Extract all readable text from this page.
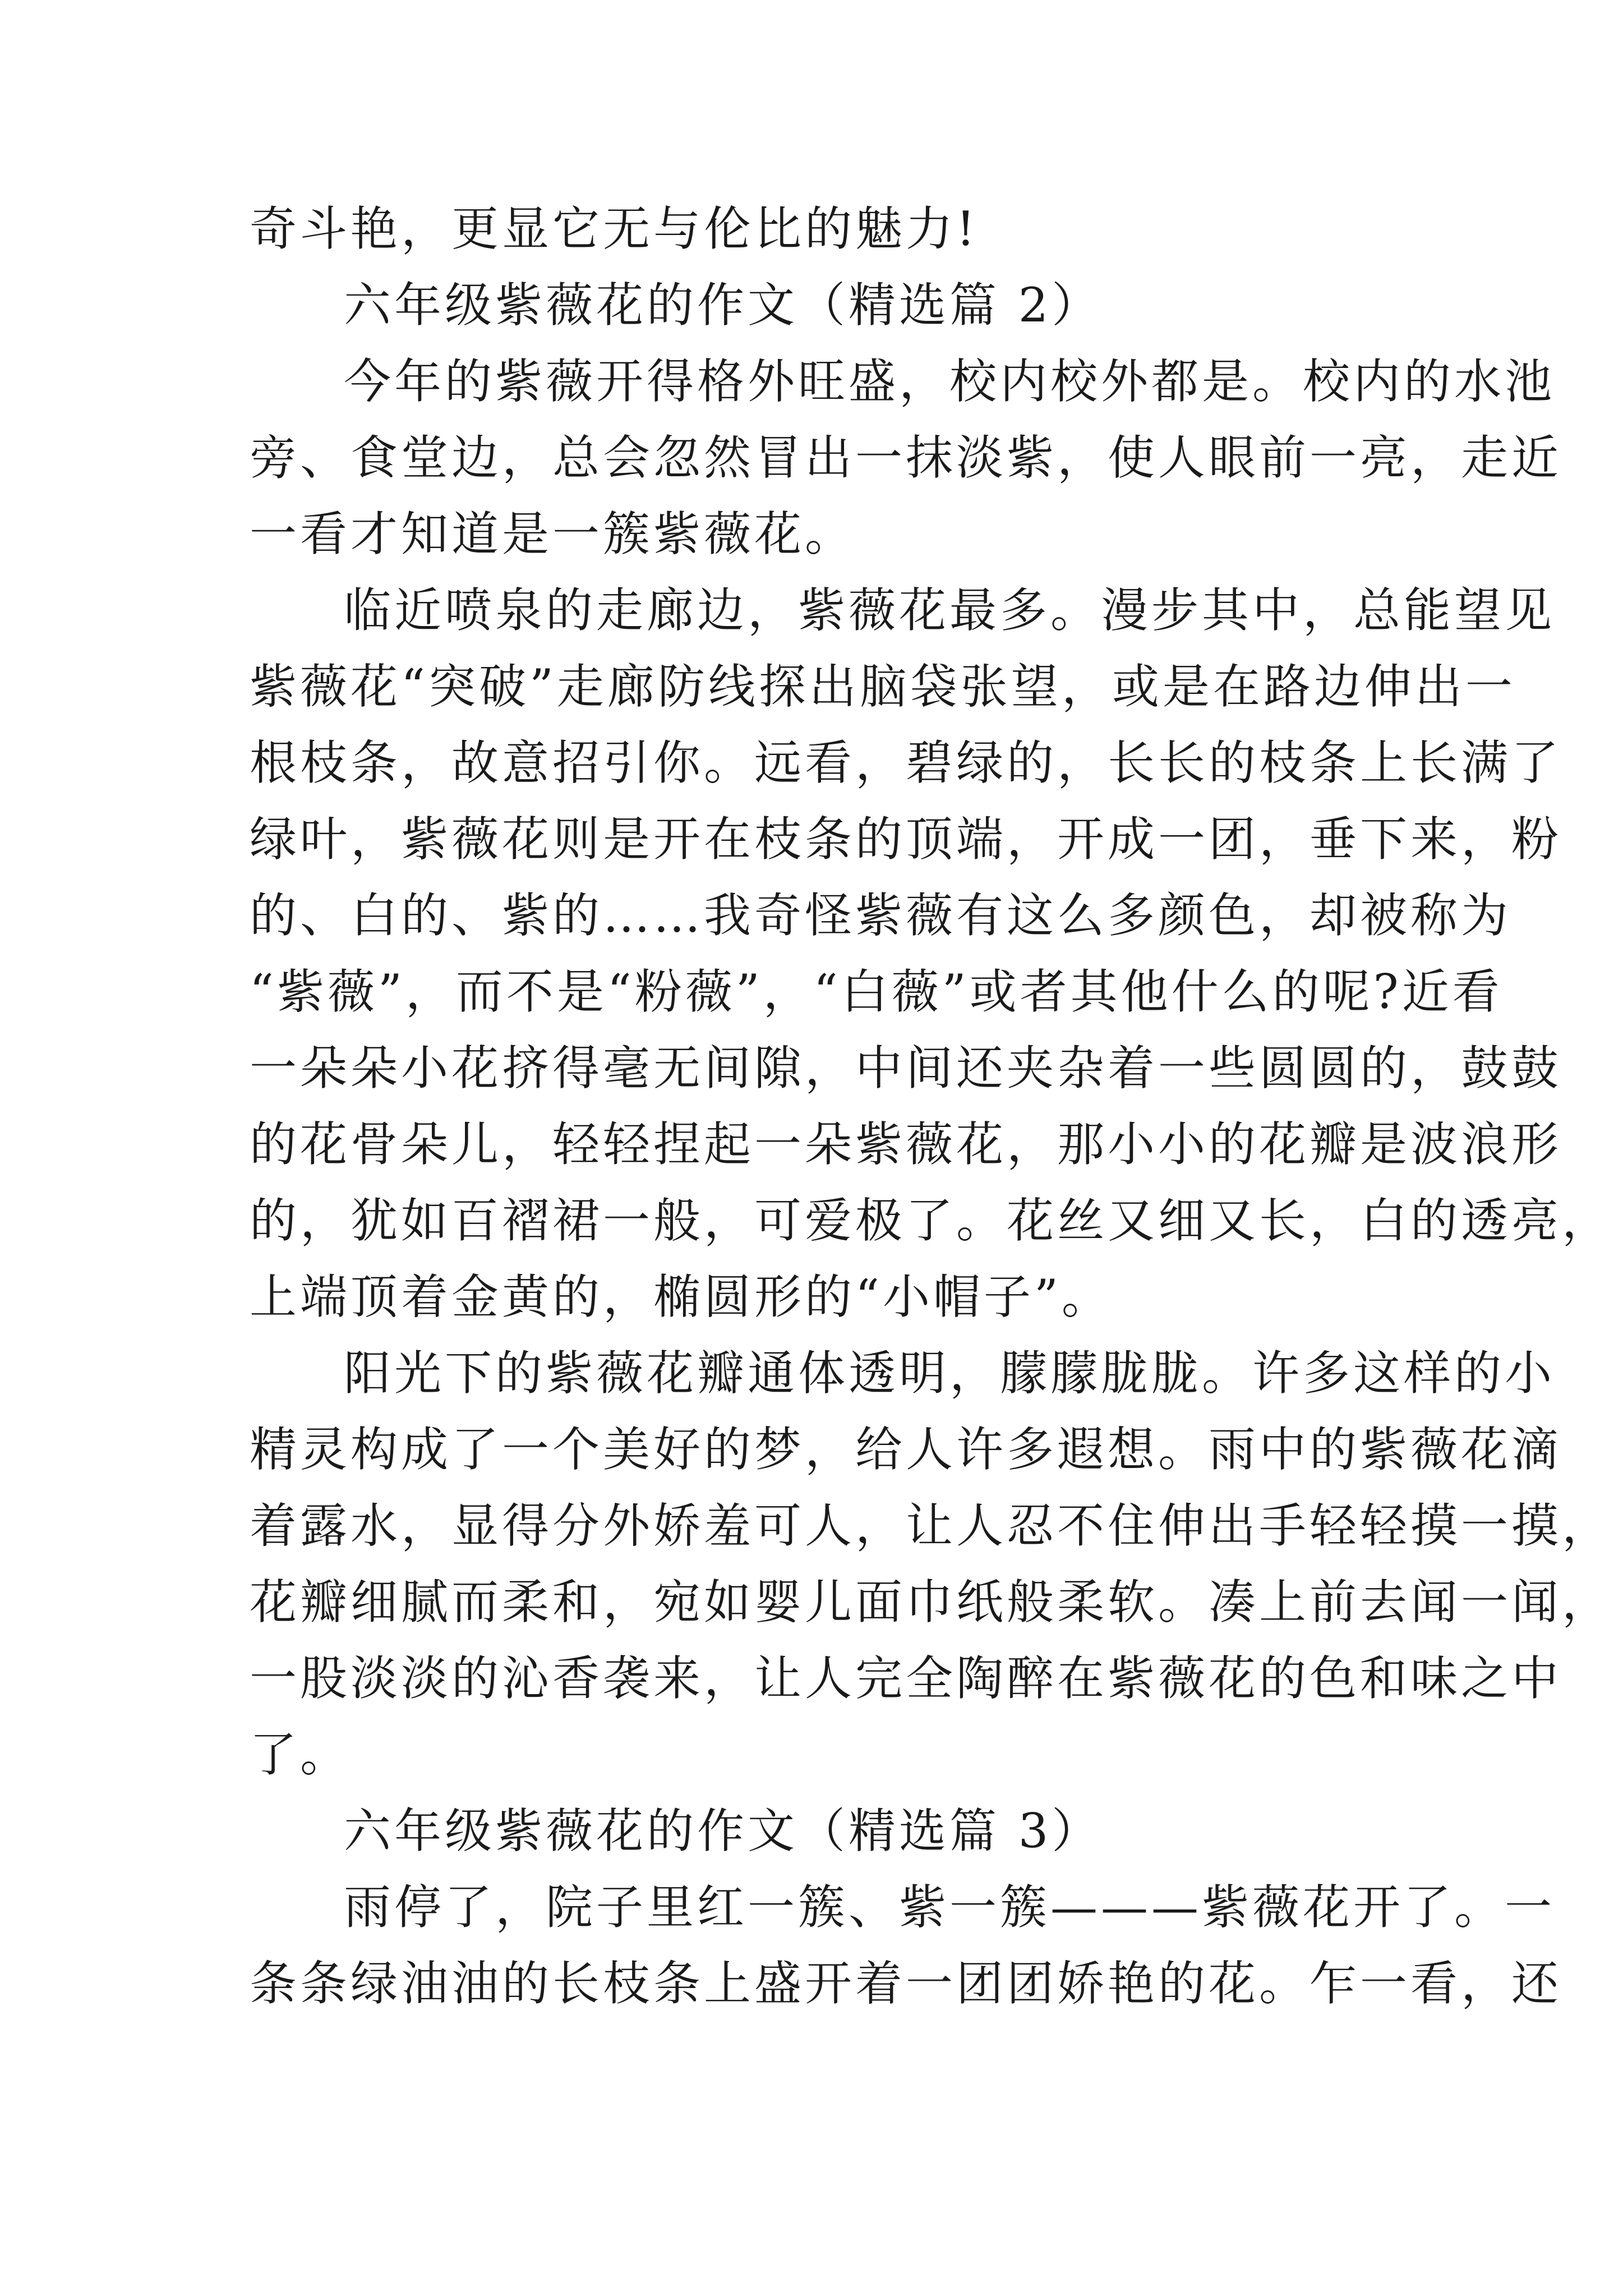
奇斗艳，更显它无与伦比的魅力!
六年级紫薇花的作文（精选篇 2）
今年的紫薇开得格外旺盛，校内校外都是。校内的水池
旁、食堂边，总会忽然冒出一抹淡紫，使人眼前一亮，走近
一看才知道是一簇紫薇花。
临近喷泉的走廊边，紫薇花最多。漫步其中，总能望见
紫薇花“突破”走廊防线探出脑袋张望，或是在路边伸出一
根枝条，故意招引你。远看，碧绿的，长长的枝条上长满了
绿叶，紫薇花则是开在枝条的顶端，开成一团，垂下来，粉
的、白的、紫的……我奇怪紫薇有这么多颜色，却被称为
“紫薇”，而不是“粉薇”，“白薇”或者其他什么的呢?近看
一朵朵小花挤得毫无间隙，中间还夹杂着一些圆圆的，鼓鼓
的花骨朵儿，轻轻捏起一朵紫薇花，那小小的花瓣是波浪形
的，犹如百褶裙一般，可爱极了。花丝又细又长，白的透亮，
上端顶着金黄的，椭圆形的“小帽子”。
阳光下的紫薇花瓣通体透明，朦朦胧胧。许多这样的小
精灵构成了一个美好的梦，给人许多遐想。雨中的紫薇花滴
着露水，显得分外娇羞可人，让人忍不住伸出手轻轻摸一摸，
花瓣细腻而柔和，宛如婴儿面巾纸般柔软。凑上前去闻一闻，
一股淡淡的沁香袭来，让人完全陶醉在紫薇花的色和味之中
了。
六年级紫薇花的作文（精选篇 3）
雨停了，院子里红一簇、紫一簇———紫薇花开了。一
条条绿油油的长枝条上盛开着一团团娇艳的花。乍一看，还
